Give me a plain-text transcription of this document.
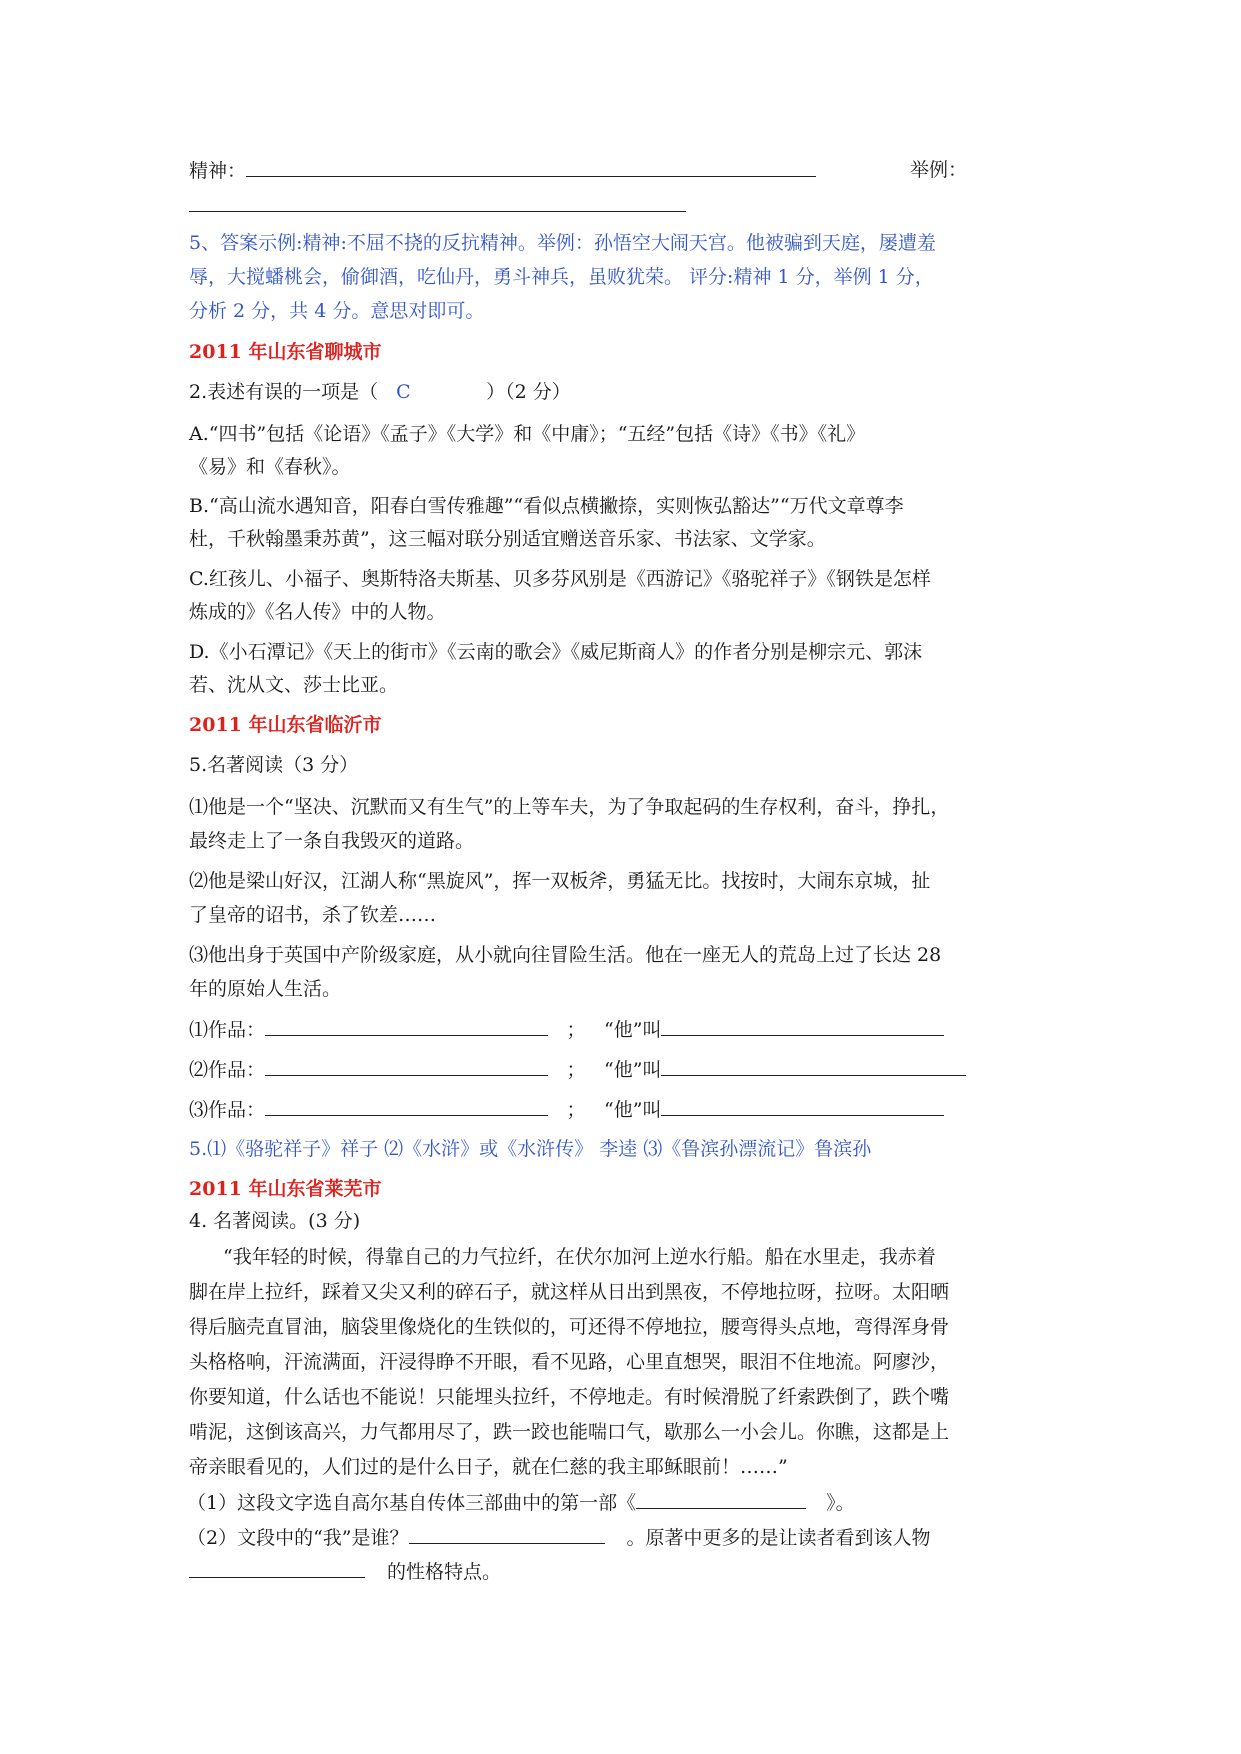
精神：	举例：
5、答案示例:精神:不屈不挠的反抗精神。举例：孙悟空大闹天宫。他被骗到天庭，屡遭羞
辱，大搅蟠桃会，偷御酒，吃仙丹，勇斗神兵，虽败犹荣。 评分:精神 1 分，举例 1 分，
分析 2 分，共 4 分。意思对即可。
2011 年山东省聊城市
2.表述有误的一项是（ C	）（2 分）
A.“四书”包括《论语》《孟子》《大学》和《中庸》；“五经”包括《诗》《书》《礼》
《易》和《春秋》。
B.“高山流水遇知音，阳春白雪传雅趣”“看似点横撇捺，实则恢弘豁达”“万代文章尊李
杜，千秋翰墨秉苏黄”，这三幅对联分别适宜赠送音乐家、书法家、文学家。
C.红孩儿、小福子、奥斯特洛夫斯基、贝多芬风别是《西游记》《骆驼祥子》《钢铁是怎样
炼成的》《名人传》中的人物。
D.《小石潭记》《天上的街市》《云南的歌会》《威尼斯商人》的作者分别是柳宗元、郭沫
若、沈从文、莎士比亚。
2011 年山东省临沂市
5.名著阅读（3 分）
⑴他是一个“坚决、沉默而又有生气”的上等车夫，为了争取起码的生存权利，奋斗，挣扎，
最终走上了一条自我毁灭的道路。
⑵他是梁山好汉，江湖人称“黑旋风”，挥一双板斧，勇猛无比。找按时，大闹东京城，扯
了皇帝的诏书，杀了钦差……
⑶他出身于英国中产阶级家庭，从小就向往冒险生活。他在一座无人的荒岛上过了长达 28
年的原始人生活。
⑴作品：	； “他”叫
⑵作品：	； “他”叫
⑶作品：	； “他”叫
5.⑴《骆驼祥子》祥子 ⑵《水浒》或《水浒传》 李逵 ⑶《鲁滨孙漂流记》鲁滨孙
2011 年山东省莱芜市
4. 名著阅读。(3 分)
“我年轻的时候，得靠自己的力气拉纤，在伏尔加河上逆水行船。船在水里走，我赤着
脚在岸上拉纤，踩着又尖又利的碎石子，就这样从日出到黑夜，不停地拉呀，拉呀。太阳晒
得后脑壳直冒油，脑袋里像烧化的生铁似的，可还得不停地拉，腰弯得头点地，弯得浑身骨
头格格响，汗流满面，汗浸得睁不开眼，看不见路，心里直想哭，眼泪不住地流。阿廖沙，
你要知道，什么话也不能说！只能埋头拉纤，不停地走。有时候滑脱了纤索跌倒了，跌个嘴
啃泥，这倒该高兴，力气都用尽了，跌一跤也能喘口气，歇那么一小会儿。你瞧，这都是上
帝亲眼看见的，人们过的是什么日子，就在仁慈的我主耶稣眼前！……”
（1）这段文字选自高尔基自传体三部曲中的第一部《	》。
（2）文段中的“我”是谁？	。原著中更多的是让读者看到该人物
的性格特点。
